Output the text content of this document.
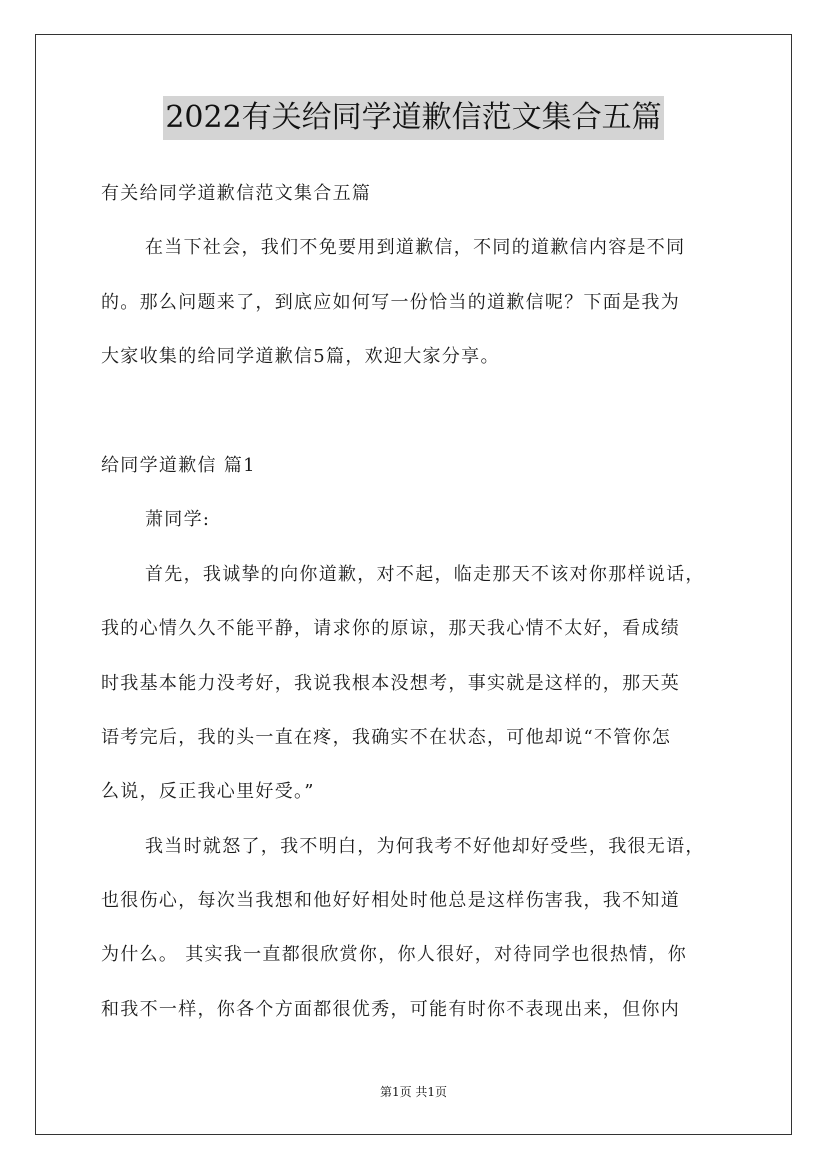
2022有关给同学道歉信范文集合五篇

有关给同学道歉信范文集合五篇

在当下社会，我们不免要用到道歉信，不同的道歉信内容是不同

的。那么问题来了，到底应如何写一份恰当的道歉信呢？下面是我为

大家收集的给同学道歉信5篇，欢迎大家分享。

给同学道歉信 篇1

萧同学:

首先，我诚挚的向你道歉，对不起，临走那天不该对你那样说话，

我的心情久久不能平静，请求你的原谅，那天我心情不太好，看成绩

时我基本能力没考好，我说我根本没想考，事实就是这样的，那天英

语考完后，我的头一直在疼，我确实不在状态，可他却说“不管你怎

么说，反正我心里好受。”

我当时就怒了，我不明白，为何我考不好他却好受些，我很无语，

也很伤心，每次当我想和他好好相处时他总是这样伤害我，我不知道

为什么。 其实我一直都很欣赏你，你人很好，对待同学也很热情，你

和我不一样，你各个方面都很优秀，可能有时你不表现出来，但你内

第1页 共1页
